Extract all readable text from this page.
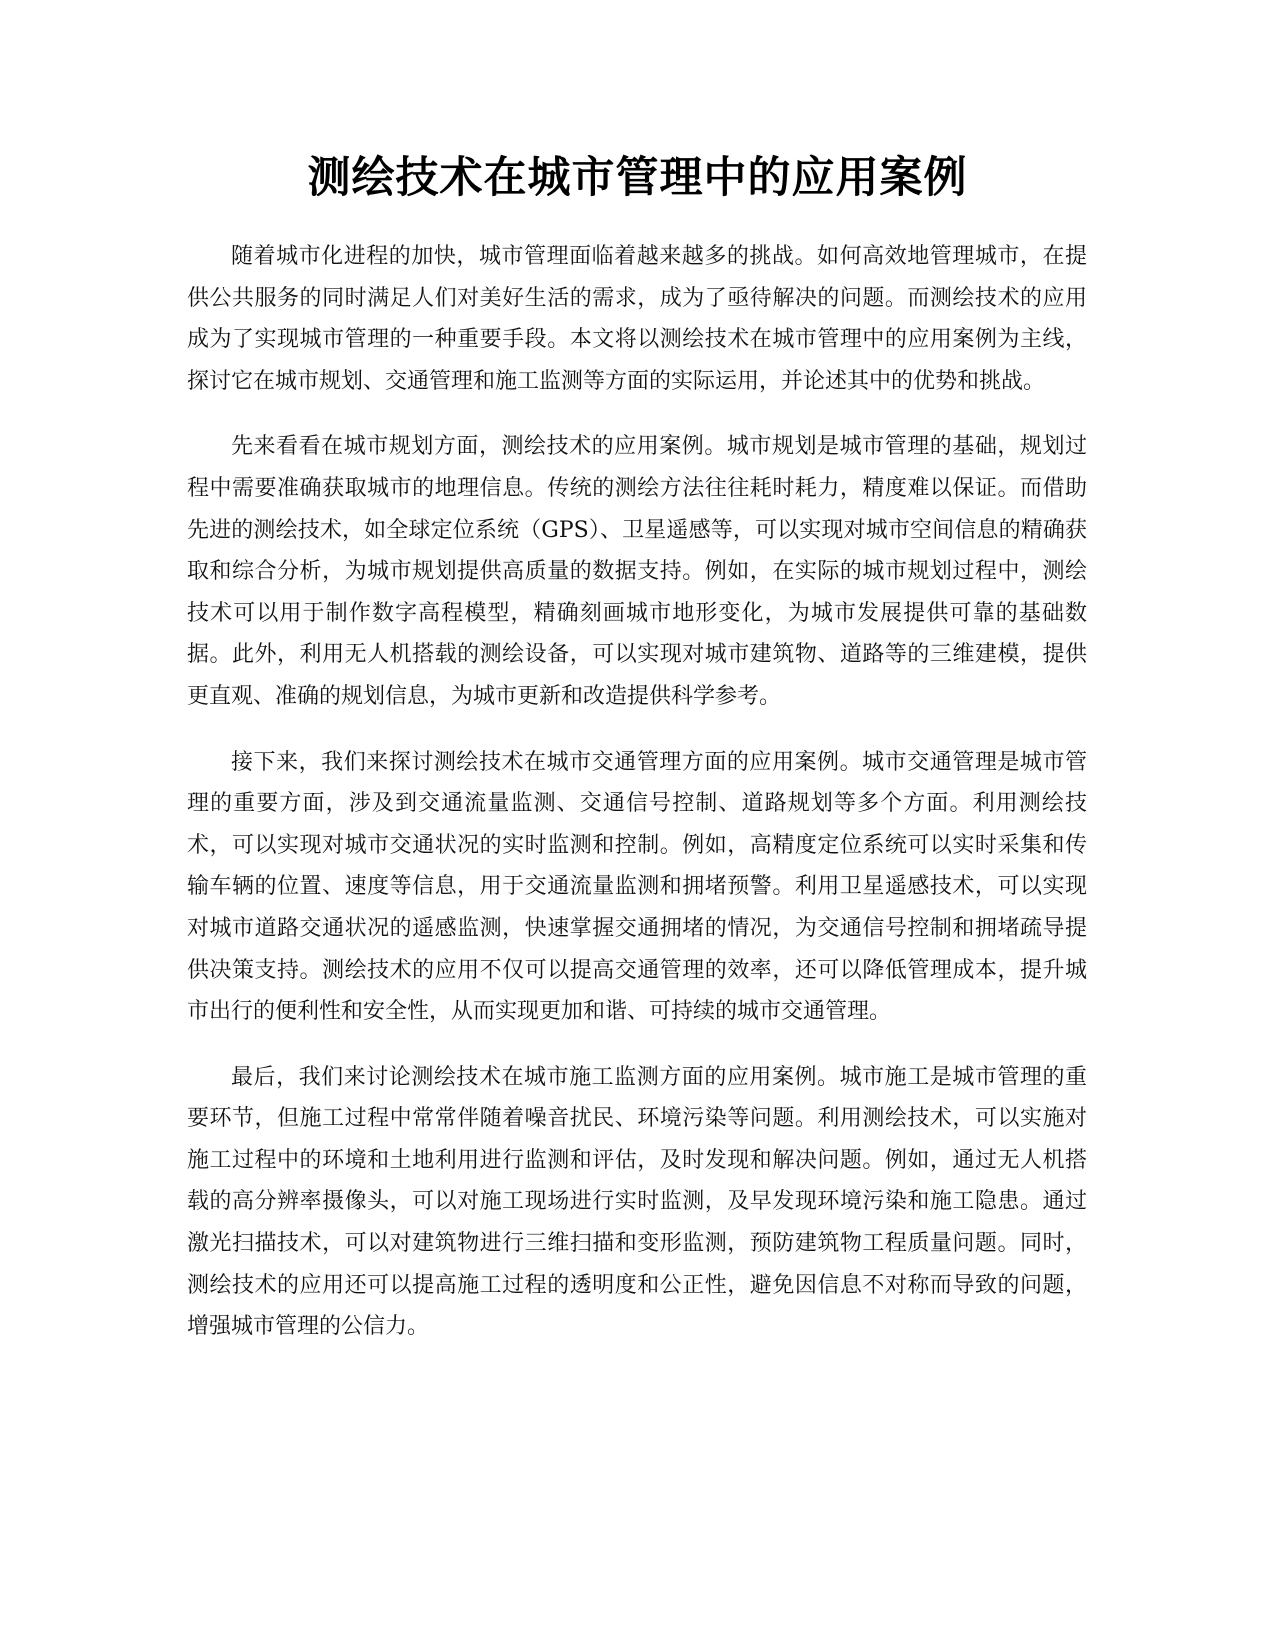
测绘技术在城市管理中的应用案例

随着城市化进程的加快，城市管理面临着越来越多的挑战。如何高效地管理城市，在提供公共服务的同时满足人们对美好生活的需求，成为了亟待解决的问题。而测绘技术的应用成为了实现城市管理的一种重要手段。本文将以测绘技术在城市管理中的应用案例为主线，探讨它在城市规划、交通管理和施工监测等方面的实际运用，并论述其中的优势和挑战。

先来看看在城市规划方面，测绘技术的应用案例。城市规划是城市管理的基础，规划过程中需要准确获取城市的地理信息。传统的测绘方法往往耗时耗力，精度难以保证。而借助先进的测绘技术，如全球定位系统（GPS）、卫星遥感等，可以实现对城市空间信息的精确获取和综合分析，为城市规划提供高质量的数据支持。例如，在实际的城市规划过程中，测绘技术可以用于制作数字高程模型，精确刻画城市地形变化，为城市发展提供可靠的基础数据。此外，利用无人机搭载的测绘设备，可以实现对城市建筑物、道路等的三维建模，提供更直观、准确的规划信息，为城市更新和改造提供科学参考。

接下来，我们来探讨测绘技术在城市交通管理方面的应用案例。城市交通管理是城市管理的重要方面，涉及到交通流量监测、交通信号控制、道路规划等多个方面。利用测绘技术，可以实现对城市交通状况的实时监测和控制。例如，高精度定位系统可以实时采集和传输车辆的位置、速度等信息，用于交通流量监测和拥堵预警。利用卫星遥感技术，可以实现对城市道路交通状况的遥感监测，快速掌握交通拥堵的情况，为交通信号控制和拥堵疏导提供决策支持。测绘技术的应用不仅可以提高交通管理的效率，还可以降低管理成本，提升城市出行的便利性和安全性，从而实现更加和谐、可持续的城市交通管理。

最后，我们来讨论测绘技术在城市施工监测方面的应用案例。城市施工是城市管理的重要环节，但施工过程中常常伴随着噪音扰民、环境污染等问题。利用测绘技术，可以实施对施工过程中的环境和土地利用进行监测和评估，及时发现和解决问题。例如，通过无人机搭载的高分辨率摄像头，可以对施工现场进行实时监测，及早发现环境污染和施工隐患。通过激光扫描技术，可以对建筑物进行三维扫描和变形监测，预防建筑物工程质量问题。同时，测绘技术的应用还可以提高施工过程的透明度和公正性，避免因信息不对称而导致的问题，增强城市管理的公信力。
